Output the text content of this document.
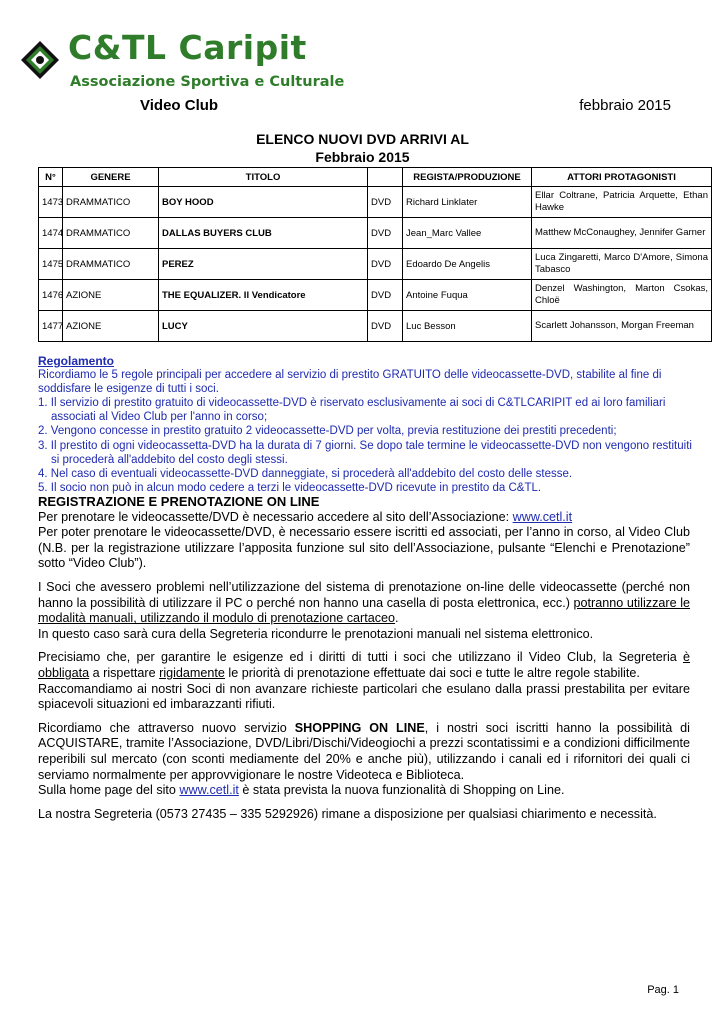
C&TL Caripit
Associazione Sportiva e Culturale
Video Club	febbraio 2015
ELENCO NUOVI DVD ARRIVI AL
Febbraio 2015
N°	GENERE	TITOLO		REGISTA/PRODUZIONE	ATTORI PROTAGONISTI
1473	DRAMMATICO	BOY HOOD	DVD	Richard Linklater	Ellar Coltrane, Patricia Arquette, Ethan Hawke
1474	DRAMMATICO	DALLAS BUYERS CLUB	DVD	Jean_Marc Vallee	Matthew McConaughey, Jennifer Garner
1475	DRAMMATICO	PEREZ	DVD	Edoardo De Angelis	Luca Zingaretti, Marco D'Amore, Simona Tabasco
1476	AZIONE	THE EQUALIZER. Il Vendicatore	DVD	Antoine Fuqua	Denzel Washington, Marton Csokas, Chloë
1477	AZIONE	LUCY	DVD	Luc Besson	Scarlett Johansson, Morgan Freeman
Regolamento
Ricordiamo le 5 regole principali per accedere al servizio di prestito GRATUITO delle videocassette-DVD, stabilite al fine di soddisfare le esigenze di tutti i soci.
1. Il servizio di prestito gratuito di videocassette-DVD è riservato esclusivamente ai soci di C&TLCARIPIT ed ai loro familiari associati al Video Club per l'anno in corso;
2. Vengono concesse in prestito gratuito 2 videocassette-DVD per volta, previa restituzione dei prestiti precedenti;
3. Il prestito di ogni videocassetta-DVD ha la durata di 7 giorni. Se dopo tale termine le videocassette-DVD non vengono restituiti si procederà all'addebito del costo degli stessi.
4. Nel caso di eventuali videocassette-DVD danneggiate, si procederà all'addebito del costo delle stesse.
5. Il socio non può in alcun modo cedere a terzi le videocassette-DVD ricevute in prestito da C&TL.
REGISTRAZIONE E PRENOTAZIONE ON LINE

Per prenotare le videocassette/DVD è necessario accedere al sito dell’Associazione: www.cetl.it

Per poter prenotare le videocassette/DVD, è necessario essere iscritti ed associati, per l’anno in corso, al Video Club (N.B. per la registrazione utilizzare l’apposita funzione sul sito dell’Associazione, pulsante “Elenchi e Prenotazione” sotto “Video Club”).

I Soci che avessero problemi nell’utilizzazione del sistema di prenotazione on-line delle videocassette (perché non hanno la possibilità di utilizzare il PC o perché non hanno una casella di posta elettronica, ecc.) potranno utilizzare le modalità manuali, utilizzando il modulo di prenotazione cartaceo.

In questo caso sarà cura della Segreteria ricondurre le prenotazioni manuali nel sistema elettronico.

Precisiamo che, per garantire le esigenze ed i diritti di tutti i soci che utilizzano il Video Club, la Segreteria è obbligata a rispettare rigidamente le priorità di prenotazione effettuate dai soci e tutte le altre regole stabilite.

Raccomandiamo ai nostri Soci di non avanzare richieste particolari che esulano dalla prassi prestabilita per evitare spiacevoli situazioni ed imbarazzanti rifiuti.

Ricordiamo che attraverso nuovo servizio SHOPPING ON LINE, i nostri soci iscritti hanno la possibilità di ACQUISTARE, tramite l’Associazione, DVD/Libri/Dischi/Videogiochi a prezzi scontatissimi e a condizioni difficilmente reperibili sul mercato (con sconti mediamente del 20% e anche più), utilizzando i canali ed i rifornitori dei quali ci serviamo normalmente per approvvigionare le nostre Videoteca e Biblioteca.

Sulla home page del sito www.cetl.it è stata prevista la nuova funzionalità di Shopping on Line.

La nostra Segreteria (0573 27435 – 335 5292926) rimane a disposizione per qualsiasi chiarimento e necessità.

Pag. 1
